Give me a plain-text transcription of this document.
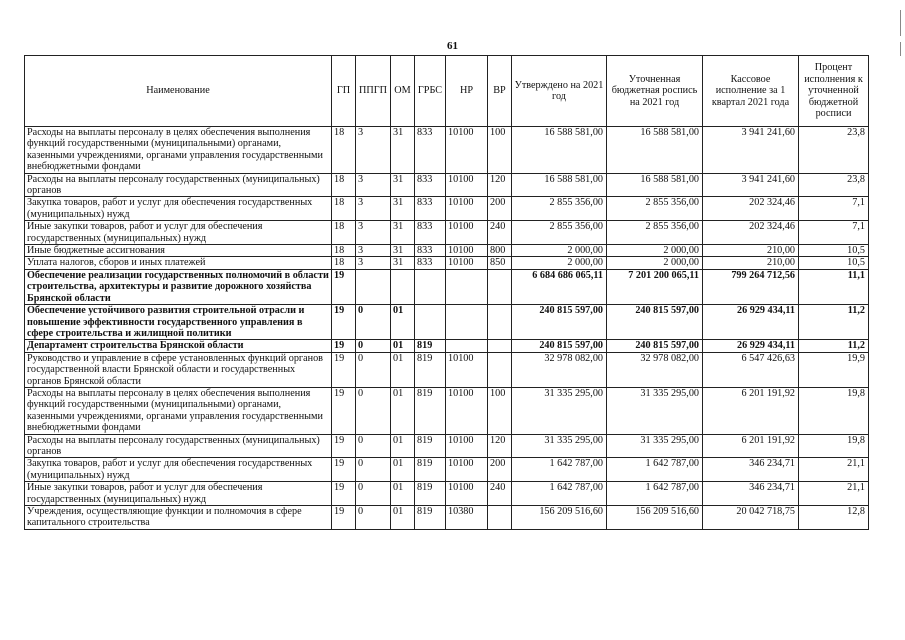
61
Наименование	ГП	ППГП	ОМ	ГРБС	НР	ВР	Утверждено на 2021 год	Уточненная бюджетная роспись на 2021 год	Кассовое исполнение за 1 квартал 2021 года	Процент исполнения к уточненной бюджетной росписи
Расходы на выплаты персоналу в целях обеспечения выполнения функций государственными (муниципальными) органами, казенными учреждениями, органами управления государственными внебюджетными фондами	18	3	31	833	10100	100	16 588 581,00	16 588 581,00	3 941 241,60	23,8
Расходы на выплаты персоналу государственных (муниципальных) органов	18	3	31	833	10100	120	16 588 581,00	16 588 581,00	3 941 241,60	23,8
Закупка товаров, работ и услуг для обеспечения государственных (муниципальных) нужд	18	3	31	833	10100	200	2 855 356,00	2 855 356,00	202 324,46	7,1
Иные закупки товаров, работ и услуг для обеспечения государственных (муниципальных) нужд	18	3	31	833	10100	240	2 855 356,00	2 855 356,00	202 324,46	7,1
Иные бюджетные ассигнования	18	3	31	833	10100	800	2 000,00	2 000,00	210,00	10,5
Уплата налогов, сборов и иных платежей	18	3	31	833	10100	850	2 000,00	2 000,00	210,00	10,5
Обеспечение реализации государственных полномочий в области строительства, архитектуры и развитие дорожного хозяйства Брянской области	19						6 684 686 065,11	7 201 200 065,11	799 264 712,56	11,1
Обеспечение устойчивого развития строительной отрасли и повышение эффективности государственного управления в сфере строительства и жилищной политики	19	0	01				240 815 597,00	240 815 597,00	26 929 434,11	11,2
Департамент строительства Брянской области	19	0	01	819			240 815 597,00	240 815 597,00	26 929 434,11	11,2
Руководство и управление в сфере установленных функций органов государственной власти Брянской области и государственных органов Брянской области	19	0	01	819	10100		32 978 082,00	32 978 082,00	6 547 426,63	19,9
Расходы на выплаты персоналу в целях обеспечения выполнения функций государственными (муниципальными) органами, казенными учреждениями, органами управления государственными внебюджетными фондами	19	0	01	819	10100	100	31 335 295,00	31 335 295,00	6 201 191,92	19,8
Расходы на выплаты персоналу государственных (муниципальных) органов	19	0	01	819	10100	120	31 335 295,00	31 335 295,00	6 201 191,92	19,8
Закупка товаров, работ и услуг для обеспечения государственных (муниципальных) нужд	19	0	01	819	10100	200	1 642 787,00	1 642 787,00	346 234,71	21,1
Иные закупки товаров, работ и услуг для обеспечения государственных (муниципальных) нужд	19	0	01	819	10100	240	1 642 787,00	1 642 787,00	346 234,71	21,1
Учреждения, осуществляющие функции и полномочия в сфере капитального строительства	19	0	01	819	10380		156 209 516,60	156 209 516,60	20 042 718,75	12,8
